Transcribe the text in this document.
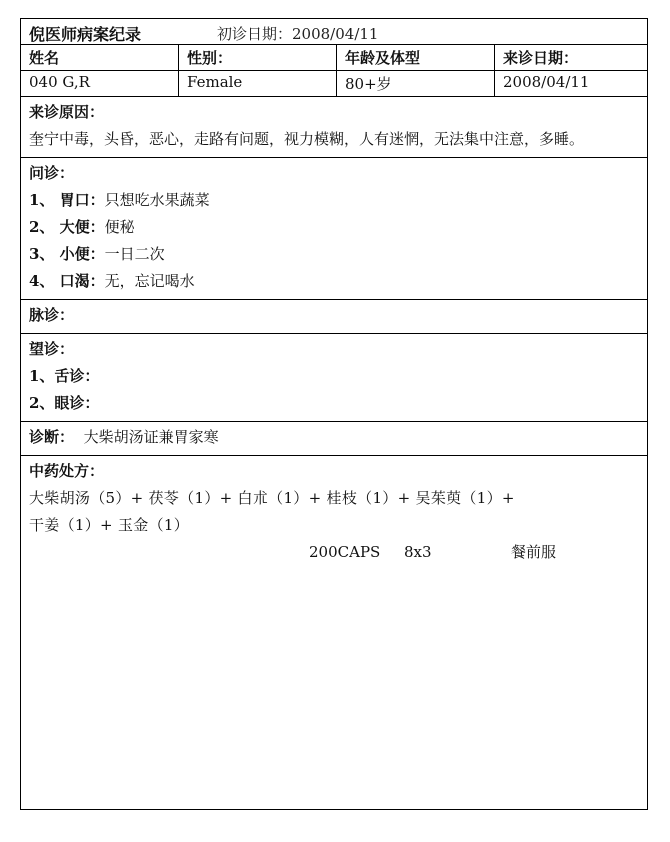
倪医师病案纪录	初诊日期：2008/04/11
姓名	性别：	年龄及体型	来诊日期：
040 G,R	Female	80+岁	2008/04/11
来诊原因：
奎宁中毒，头昏，恶心，走路有问题，视力模糊，人有迷惘，无法集中注意，多睡。
问诊：
1、 胃口：只想吃水果蔬菜
2、 大便：便秘
3、 小便：一日二次
4、 口渴：无，忘记喝水
脉诊：
望诊：
1、舌诊：
2、眼诊：
诊断： 大柴胡汤证兼胃家寒
中药处方：
大柴胡汤（5）+ 茯苓（1）+ 白朮（1）+ 桂枝（1）+ 吴茱萸（1）+
干姜（1）+ 玉金（1）
200CAPS 8x3	餐前服
